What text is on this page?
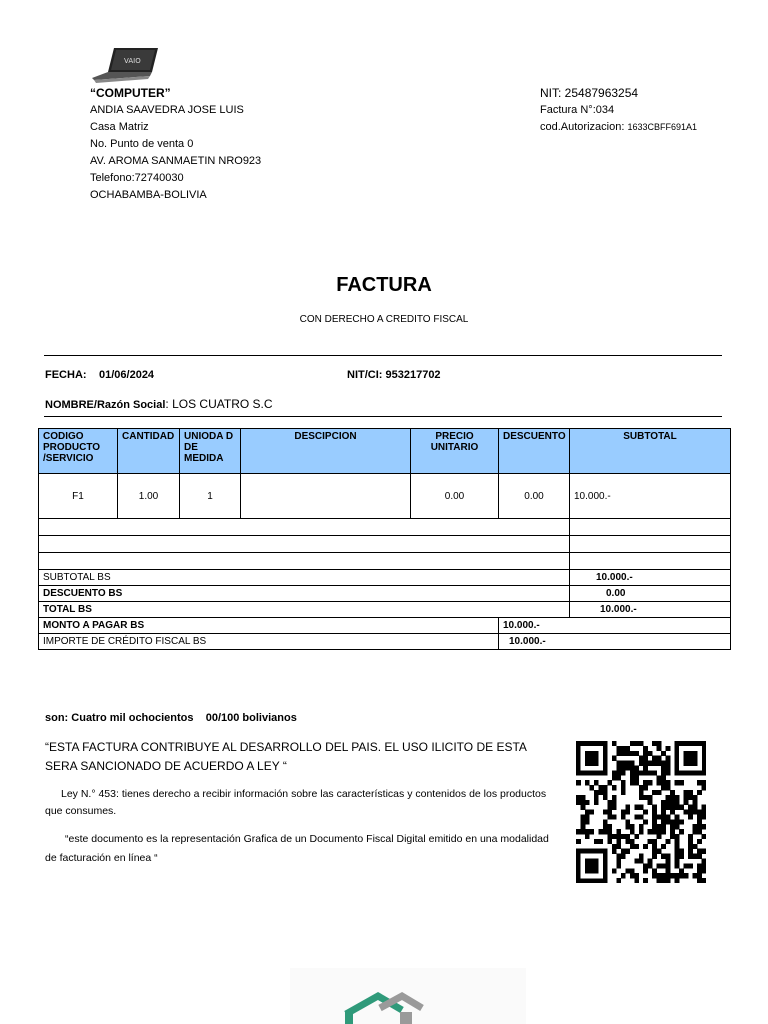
VAIO
“COMPUTER”
ANDIA SAAVEDRA JOSE LUIS
Casa Matriz
No. Punto de venta 0
AV. AROMA SANMAETIN NRO923
Telefono:72740030
OCHABAMBA-BOLIVIA
NIT: 25487963254
Factura N°:034
cod.Autorizacion: 1633CBFF691A1
FACTURA
CON DERECHO A CREDITO FISCAL
FECHA: 01/06/2024	NIT/CI: 953217702
NOMBRE/Razón Social: LOS CUATRO S.C
CODIGO PRODUCTO /SERVICIO	CANTIDAD	UNIODA D DE MEDIDA	DESCIPCION	PRECIO UNITARIO	DESCUENTO	SUBTOTAL
F1	1.00	1		0.00	0.00	10.000.-

SUBTOTAL BS						10.000.-
DESCUENTO BS						0.00
TOTAL BS						10.000.-
MONTO A PAGAR BS					10.000.-	
IMPORTE DE CRÉDITO FISCAL BS					10.000.-	
son: Cuatro mil ochocientos    00/100 bolivianos
“ESTA FACTURA CONTRIBUYE AL DESARROLLO DEL PAIS. EL USO ILICITO DE ESTA SERA SANCIONADO DE ACUERDO A LEY “
Ley N.° 453: tienes derecho a recibir información sobre las características y contenidos de los productos que consumes.
“este documento es la representación Grafica de un Documento Fiscal Digital emitido en una modalidad de facturación en línea “
